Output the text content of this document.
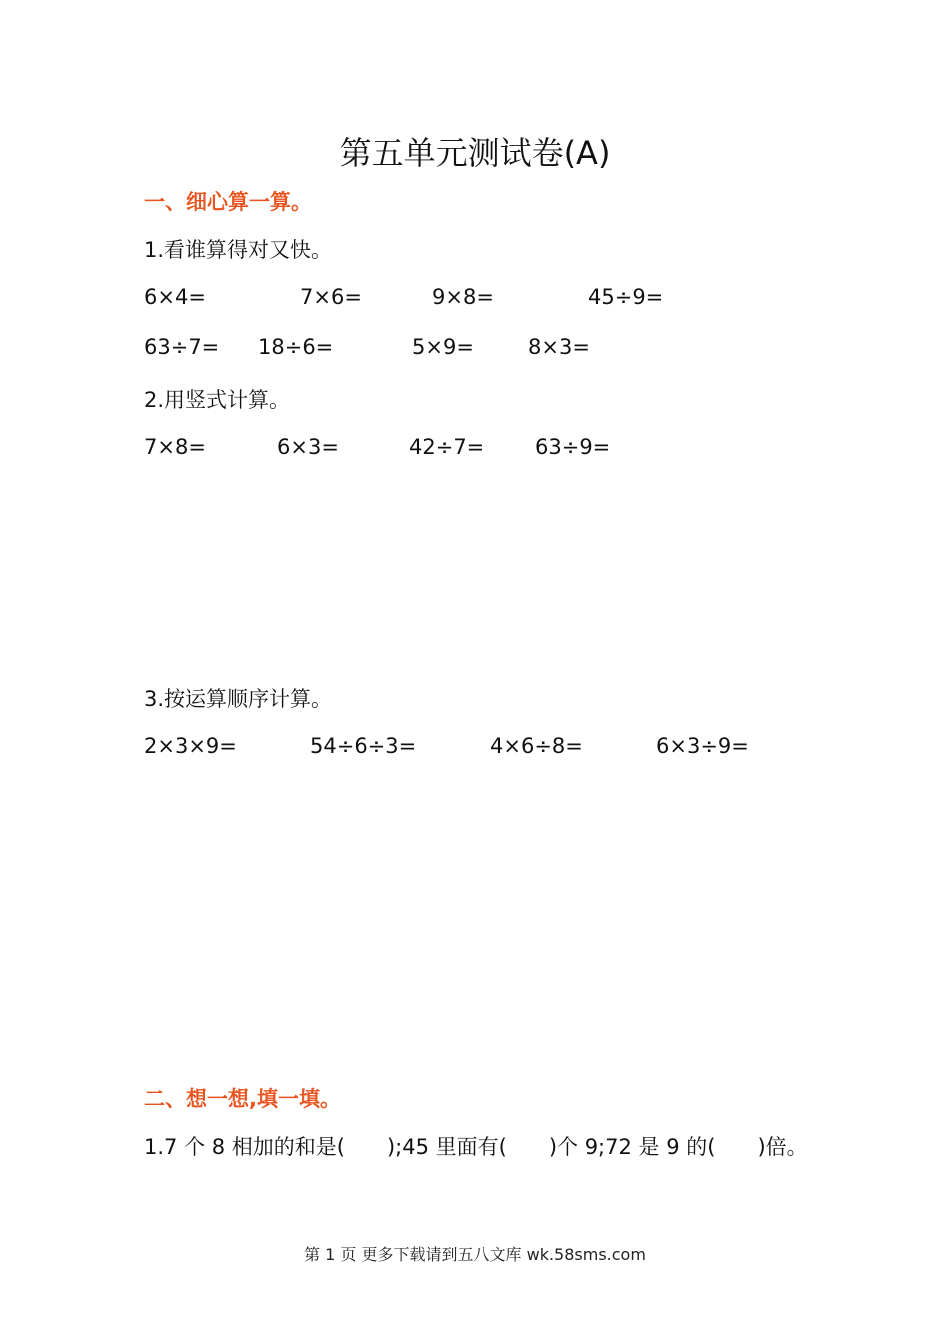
第五单元测试卷(A)
一、细心算一算。
1.看谁算得对又快。
6×4=	7×6=	9×8=	45÷9=
63÷7= 18÷6=	5×9=	8×3=
2.用竖式计算。
7×8=	6×3=	42÷7= 63÷9=
3.按运算顺序计算。
2×3×9=	54÷6÷3=	4×6÷8=	6×3÷9=
二、想一想,填一填。
1.7 个 8 相加的和是(　　);45 里面有(　　)个 9;72 是 9 的(　　)倍。
第 1 页 更多下载请到五八文库 wk.58sms.com
